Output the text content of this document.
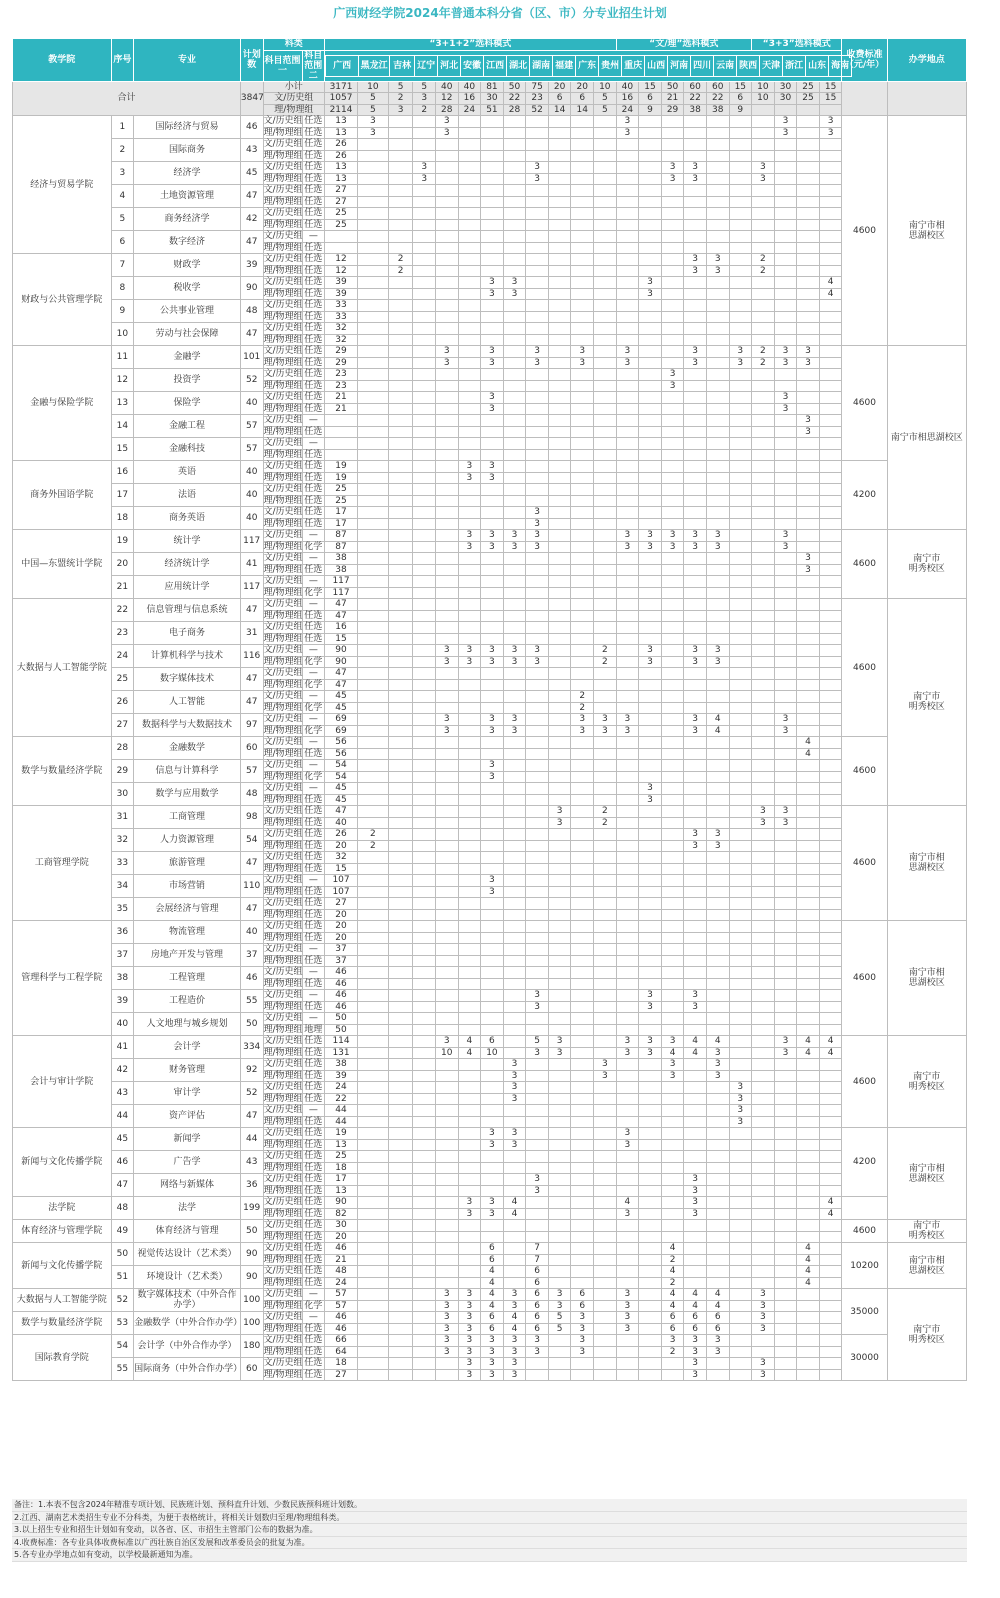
广西财经学院2024年普通本科分省（区、市）分专业招生计划
教学院	序号	专业	计划数	科类	“3+1+2”选科模式	“文/理”选科模式	“3+3”选科模式	收费标准（元/年）	办学地点
科目范围一	科目范围二	
广西	黑龙江	吉林	辽宁	河北	安徽	江西	湖北	湖南	福建	广东	贵州	重庆	山西	河南	四川	云南	陕西	天津	浙江	山东	海南

合计	3847	小计	3171	10	5	5	40	40	81	50	75	20	20	10	40	15	50	60	60	15	10	30	25	15		
文/历史组	1057	5	2	3	12	16	30	22	23	6	6	5	16	6	21	22	22	6	10	30	25	15
理/物理组	2114	5	3	2	28	24	51	28	52	14	14	5	24	9	29	38	38	9				
经济与贸易学院	1	国际经济与贸易	46	文/历史组	任选	13	3			3								3							3		3	4600	南宁市相
思湖校区
理/物理组	任选	13	3			3								3							3		3
2	国际商务	43	文/历史组	任选	26																					
理/物理组	任选	26																					
3	经济学	45	文/历史组	任选	13			3					3						3	3			3			
理/物理组	任选	13			3					3						3	3			3			
4	土地资源管理	47	文/历史组	任选	27																					
理/物理组	任选	27																					
5	商务经济学	42	文/历史组	任选	25																					
理/物理组	任选	25																					
6	数字经济	47	文/历史组	—																						
理/物理组	任选																						
财政与公共管理学院	7	财政学	39	文/历史组	任选	12		2													3	3		2			
理/物理组	任选	12		2													3	3		2			
8	税收学	90	文/历史组	任选	39						3	3						3								4
理/物理组	任选	39						3	3						3								4
9	公共事业管理	48	文/历史组	任选	33																					
理/物理组	任选	33																					
10	劳动与社会保障	47	文/历史组	任选	32																					
理/物理组	任选	32																					
金融与保险学院	11	金融学	101	文/历史组	任选	29				3		3		3		3		3			3		3	2	3	3		4600	南宁市相思湖校区
理/物理组	任选	29				3		3		3		3		3			3		3	2	3	3	
12	投资学	52	文/历史组	任选	23														3							
理/物理组	任选	23														3							
13	保险学	40	文/历史组	任选	21						3													3		
理/物理组	任选	21						3													3		
14	金融工程	57	文/历史组	—																					3	
理/物理组	任选																					3	
15	金融科技	57	文/历史组	—																						
理/物理组	任选																						
商务外国语学院	16	英语	40	文/历史组	任选	19					3	3																4200
理/物理组	任选	19					3	3															
17	法语	40	文/历史组	任选	25																					
理/物理组	任选	25																					
18	商务英语	40	文/历史组	任选	17								3													
理/物理组	任选	17								3													
中国—东盟统计学院	19	统计学	117	文/历史组	—	87					3	3	3	3				3	3	3	3	3			3			4600	南宁市
明秀校区
理/物理组	化学	87					3	3	3	3				3	3	3	3	3			3		
20	经济统计学	41	文/历史组	—	38																				3	
理/物理组	任选	38																				3	
21	应用统计学	117	文/历史组	—	117																					
理/物理组	化学	117																					
大数据与人工智能学院	22	信息管理与信息系统	47	文/历史组	—	47																						4600	南宁市
明秀校区
理/物理组	任选	47																					
23	电子商务	31	文/历史组	任选	16																					
理/物理组	任选	15																					
24	计算机科学与技术	116	文/历史组	—	90				3	3	3	3	3			2		3		3	3					
理/物理组	化学	90				3	3	3	3	3			2		3		3	3					
25	数字媒体技术	47	文/历史组	—	47																					
理/物理组	化学	47																					
26	人工智能	47	文/历史组	—	45										2											
理/物理组	化学	45										2											
27	数据科学与大数据技术	97	文/历史组	—	69				3		3	3			3	3	3			3	4			3		
理/物理组	化学	69				3		3	3			3	3	3			3	4			3		
数学与数量经济学院	28	金融数学	60	文/历史组	—	56																				4		4600
理/物理组	任选	56																				4	
29	信息与计算科学	57	文/历史组	—	54						3															
理/物理组	化学	54						3															
30	数学与应用数学	48	文/历史组	—	45													3								
理/物理组	任选	45													3								
工商管理学院	31	工商管理	98	文/历史组	任选	47									3		2							3	3			4600	南宁市相
思湖校区
理/物理组	任选	40									3		2							3	3		
32	人力资源管理	54	文/历史组	任选	26	2														3	3					
理/物理组	任选	20	2														3	3					
33	旅游管理	47	文/历史组	任选	32																					
理/物理组	任选	15																					
34	市场营销	110	文/历史组	—	107						3															
理/物理组	任选	107						3															
35	会展经济与管理	47	文/历史组	任选	27																					
理/物理组	任选	20																					
管理科学与工程学院	36	物流管理	40	文/历史组	任选	20																						4600	南宁市相
思湖校区
理/物理组	任选	20																					
37	房地产开发与管理	37	文/历史组	—	37																					
理/物理组	任选	37																					
38	工程管理	46	文/历史组	—	46																					
理/物理组	任选	46																					
39	工程造价	55	文/历史组	—	46								3					3		3						
理/物理组	任选	46								3					3		3						
40	人文地理与城乡规划	50	文/历史组	—	50																					
理/物理组	地理	50																					
会计与审计学院	41	会计学	334	文/历史组	任选	114				3	4	6		5	3			3	3	3	4	4			3	4	4	4600	南宁市
明秀校区
理/物理组	任选	131				10	4	10		3	3			3	3	4	4	3			3	4	4
42	财务管理	92	文/历史组	任选	38							3				3			3		3					
理/物理组	任选	39							3				3			3		3					
43	审计学	52	文/历史组	任选	24							3										3				
理/物理组	任选	22							3										3				
44	资产评估	47	文/历史组	—	44																	3				
理/物理组	任选	44																	3				
新闻与文化传播学院	45	新闻学	44	文/历史组	任选	19						3	3					3										4200	南宁市相
思湖校区
理/物理组	任选	13						3	3					3									
46	广告学	43	文/历史组	任选	25																					
理/物理组	任选	18																					
47	网络与新媒体	36	文/历史组	任选	17								3							3						
理/物理组	任选	13								3							3						
法学院	48	法学	199	文/历史组	任选	90					3	3	4					4			3						4	
理/物理组	任选	82					3	3	4					3			3						4
体育经济与管理学院	49	体育经济与管理	50	文/历史组	任选	30																						4600	南宁市
明秀校区
理/物理组	任选	20																					
新闻与文化传播学院	50	视觉传达设计（艺术类）	90	文/历史组	任选	46						6		7						4						4		10200	南宁市相
思湖校区
理/物理组	任选	21						6		7						2						4	
51	环境设计（艺术类）	90	文/历史组	任选	48						4		6						4						4	
理/物理组	任选	24						4		6						2						4	
大数据与人工智能学院	52	数字媒体技术（中外合作办学）	100	文/历史组	—	57				3	3	4	3	6	3	6		3		4	4	4		3				35000	南宁市
明秀校区
理/物理组	化学	57				3	3	4	3	6	3	6		3		4	4	4		3			
数学与数量经济学院	53	金融数学（中外合作办学）	100	文/历史组	—	46				3	3	6	4	6	5	3		3		6	6	6		3			
理/物理组	任选	46				3	3	6	4	6	5	3		3		6	6	6		3			
国际教育学院	54	会计学（中外合作办学）	180	文/历史组	任选	66				3	3	3	3	3		3				3	3	3						30000
理/物理组	任选	64				3	3	3	3	3		3				2	3	3					
55	国际商务（中外合作办学）	60	文/历史组	任选	18					3	3	3								3			3			
理/物理组	任选	27					3	3	3								3			3			
备注：1.本表不包含2024年精准专项计划、民族班计划、预科直升计划、少数民族预科班计划数。
2.江西、湖南艺术类招生专业不分科类，为便于表格统计，将相关计划数归至理/物理组科类。
3.以上招生专业和招生计划如有变动，以各省、区、市招生主管部门公布的数据为准。
4.收费标准：各专业具体收费标准以广西壮族自治区发展和改革委员会的批复为准。
5.各专业办学地点如有变动，以学校最新通知为准。
